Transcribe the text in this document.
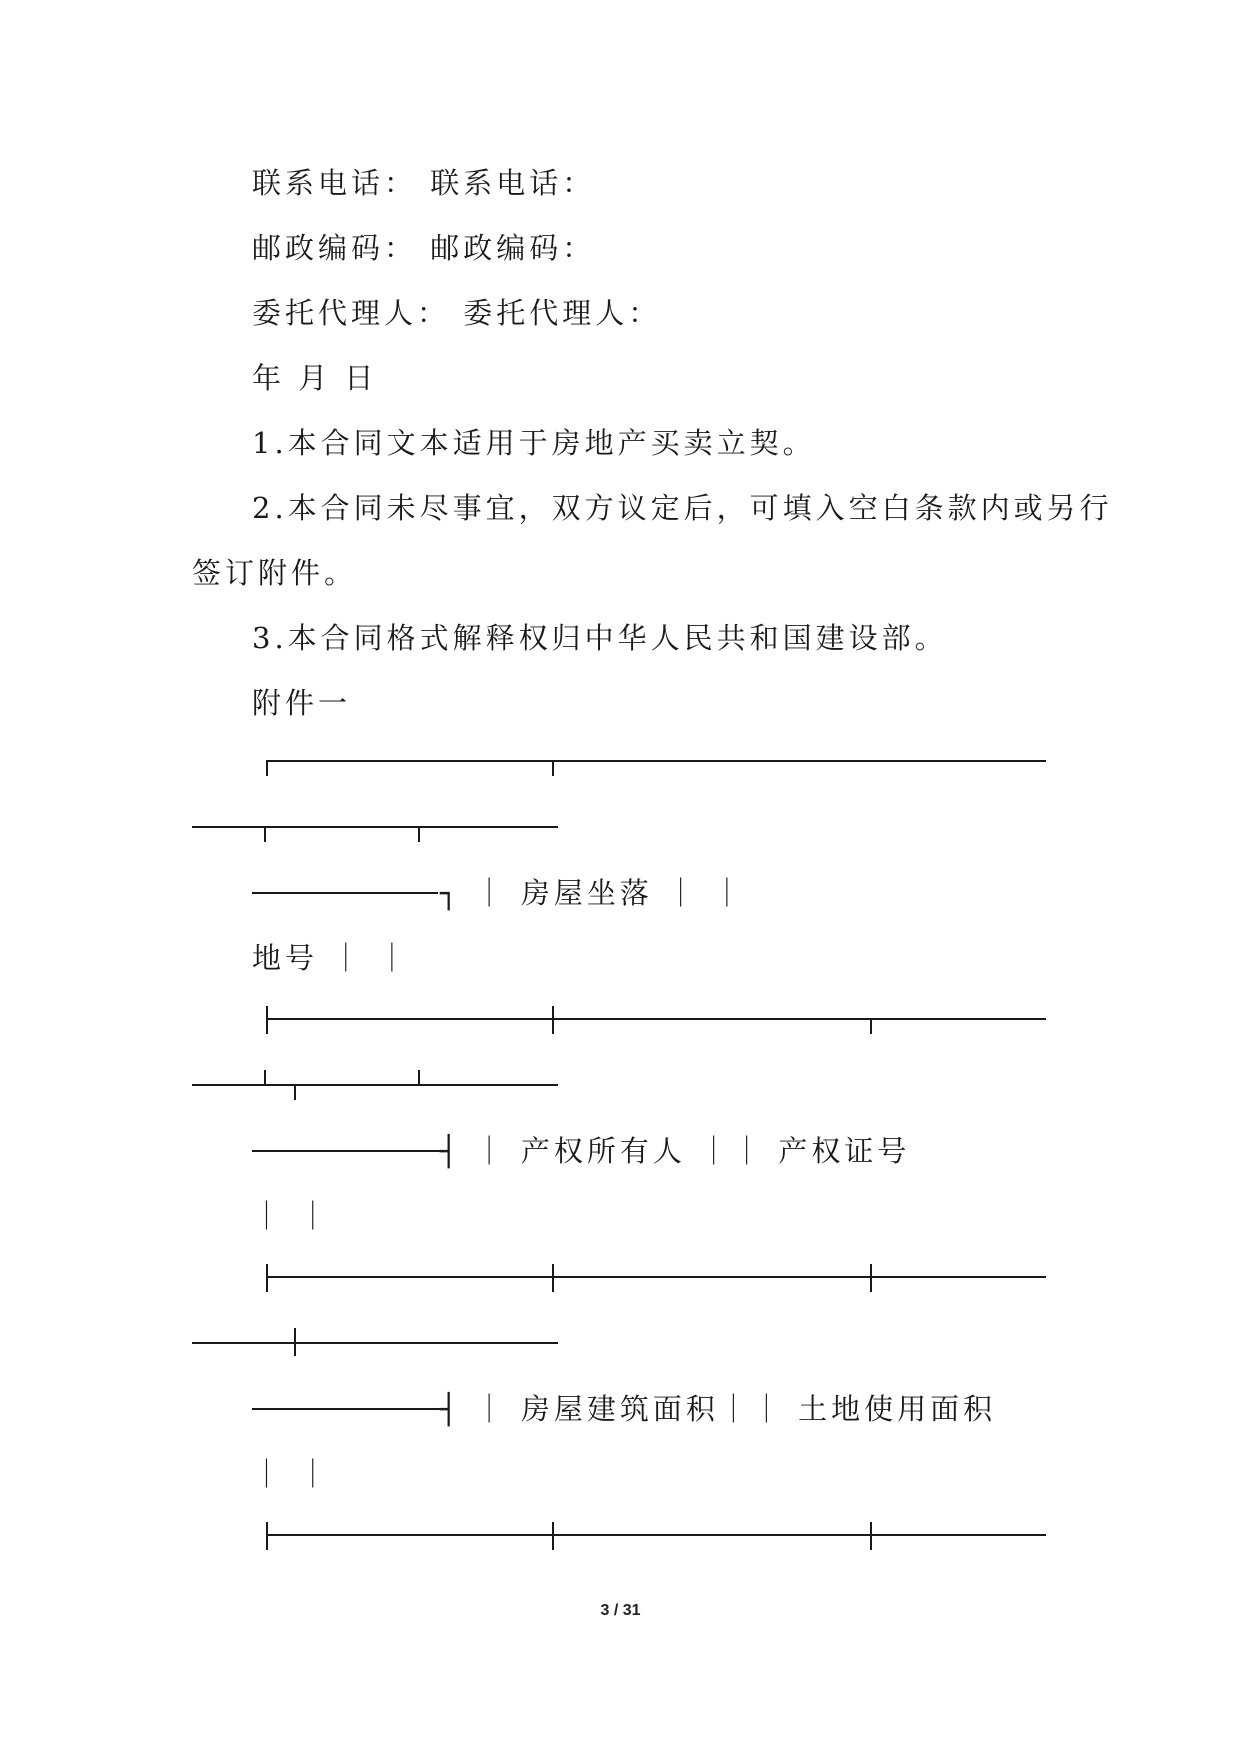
联系电话： 联系电话：
邮政编码： 邮政编码：
委托代理人： 委托代理人：
年 月 日
1.本合同文本适用于房地产买卖立契。
2.本合同未尽事宜，双方议定后，可填入空白条款内或另行
签订附件。
3.本合同格式解释权归中华人民共和国建设部。
附件一
┐ ｜ 房屋坐落 ｜ ｜
地号 ｜ ｜
┤ ｜ 产权所有人 ｜｜ 产权证号
｜ ｜
┤ ｜ 房屋建筑面积｜｜ 土地使用面积
｜ ｜
3 / 31
